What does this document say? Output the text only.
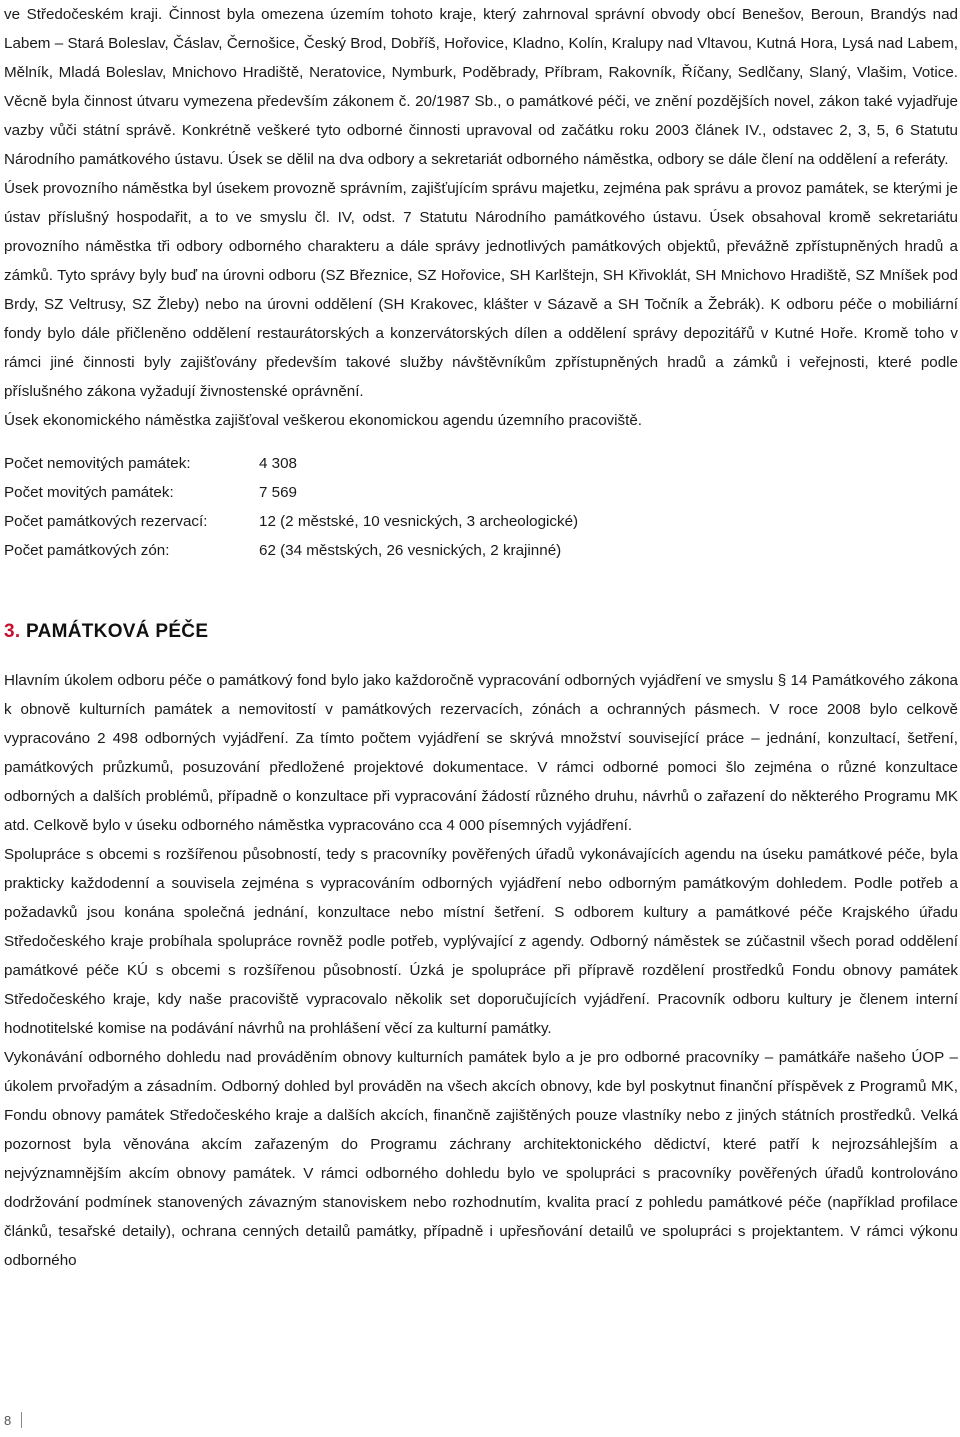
ve Středočeském kraji. Činnost byla omezena územím tohoto kraje, který zahrnoval správní obvody obcí Benešov, Beroun, Brandýs nad Labem – Stará Boleslav, Čáslav, Černošice, Český Brod, Dobříš, Hořovice, Kladno, Kolín, Kralupy nad Vltavou, Kutná Hora, Lysá nad Labem, Mělník, Mladá Boleslav, Mnichovo Hradiště, Neratovice, Nymburk, Poděbrady, Příbram, Rakovník, Říčany, Sedlčany, Slaný, Vlašim, Votice. Věcně byla činnost útvaru vymezena především zákonem č. 20/1987 Sb., o památkové péči, ve znění pozdějších novel, zákon také vyjadřuje vazby vůči státní správě. Konkrétně veškeré tyto odborné činnosti upravoval od začátku roku 2003 článek IV., odstavec 2, 3, 5, 6 Statutu Národního památkového ústavu. Úsek se dělil na dva odbory a sekretariát odborného náměstka, odbory se dále člení na oddělení a referáty.

Úsek provozního náměstka byl úsekem provozně správním, zajišťujícím správu majetku, zejména pak správu a provoz památek, se kterými je ústav příslušný hospodařit, a to ve smyslu čl. IV, odst. 7 Statutu Národního památkového ústavu. Úsek obsahoval kromě sekretariátu provozního náměstka tři odbory odborného charakteru a dále správy jednotlivých památkových objektů, převážně zpřístupněných hradů a zámků. Tyto správy byly buď na úrovni odboru (SZ Březnice, SZ Hořovice, SH Karlštejn, SH Křivoklát, SH Mnichovo Hradiště, SZ Mníšek pod Brdy, SZ Veltrusy, SZ Žleby) nebo na úrovni oddělení (SH Krakovec, klášter v Sázavě a SH Točník a Žebrák). K odboru péče o mobiliární fondy bylo dále přičleněno oddělení restaurátorských a konzervátorských dílen a oddělení správy depozitářů v Kutné Hoře. Kromě toho v rámci jiné činnosti byly zajišťovány především takové služby návštěvníkům zpřístupněných hradů a zámků i veřejnosti, které podle příslušného zákona vyžadují živnostenské oprávnění.

Úsek ekonomického náměstka zajišťoval veškerou ekonomickou agendu územního pracoviště.

Počet nemovitých památek:	4 308
Počet movitých památek:	7 569
Počet památkových rezervací:	12 (2 městské, 10 vesnických, 3 archeologické)
Počet památkových zón:	62 (34 městských, 26 vesnických, 2 krajinné)
3. PAMÁTKOVÁ PÉČE

Hlavním úkolem odboru péče o památkový fond bylo jako každoročně vypracování odborných vyjádření ve smyslu § 14 Památkového zákona k obnově kulturních památek a nemovitostí v památkových rezervacích, zónách a ochranných pásmech. V roce 2008 bylo celkově vypracováno 2 498 odborných vyjádření. Za tímto počtem vyjádření se skrývá množství související práce – jednání, konzultací, šetření, památkových průzkumů, posuzování předložené projektové dokumentace. V rámci odborné pomoci šlo zejména o různé konzultace odborných a dalších problémů, případně o konzultace při vypracování žádostí různého druhu, návrhů o zařazení do některého Programu MK atd. Celkově bylo v úseku odborného náměstka vypracováno cca 4 000 písemných vyjádření.

Spolupráce s obcemi s rozšířenou působností, tedy s pracovníky pověřených úřadů vykonávajících agendu na úseku památkové péče, byla prakticky každodenní a souvisela zejména s vypracováním odborných vyjádření nebo odborným památkovým dohledem. Podle potřeb a požadavků jsou konána společná jednání, konzultace nebo místní šetření. S odborem kultury a památkové péče Krajského úřadu Středočeského kraje probíhala spolupráce rovněž podle potřeb, vyplývající z agendy. Odborný náměstek se zúčastnil všech porad oddělení památkové péče KÚ s obcemi s rozšířenou působností. Úzká je spolupráce při přípravě rozdělení prostředků Fondu obnovy památek Středočeského kraje, kdy naše pracoviště vypracovalo několik set doporučujících vyjádření. Pracovník odboru kultury je členem interní hodnotitelské komise na podávání návrhů na prohlášení věcí za kulturní památky.

Vykonávání odborného dohledu nad prováděním obnovy kulturních památek bylo a je pro odborné pracovníky – památkáře našeho ÚOP – úkolem prvořadým a zásadním. Odborný dohled byl prováděn na všech akcích obnovy, kde byl poskytnut finanční příspěvek z Programů MK, Fondu obnovy památek Středočeského kraje a dalších akcích, finančně zajištěných pouze vlastníky nebo z jiných státních prostředků. Velká pozornost byla věnována akcím zařazeným do Programu záchrany architektonického dědictví, které patří k nejrozsáhlejším a nejvýznamnějším akcím obnovy památek. V rámci odborného dohledu bylo ve spolupráci s pracovníky pověřených úřadů kontrolováno dodržování podmínek stanovených závazným stanoviskem nebo rozhodnutím, kvalita prací z pohledu památkové péče (například profilace článků, tesařské detaily), ochrana cenných detailů památky, případně i upřesňování detailů ve spolupráci s projektantem. V rámci výkonu odborného

8
